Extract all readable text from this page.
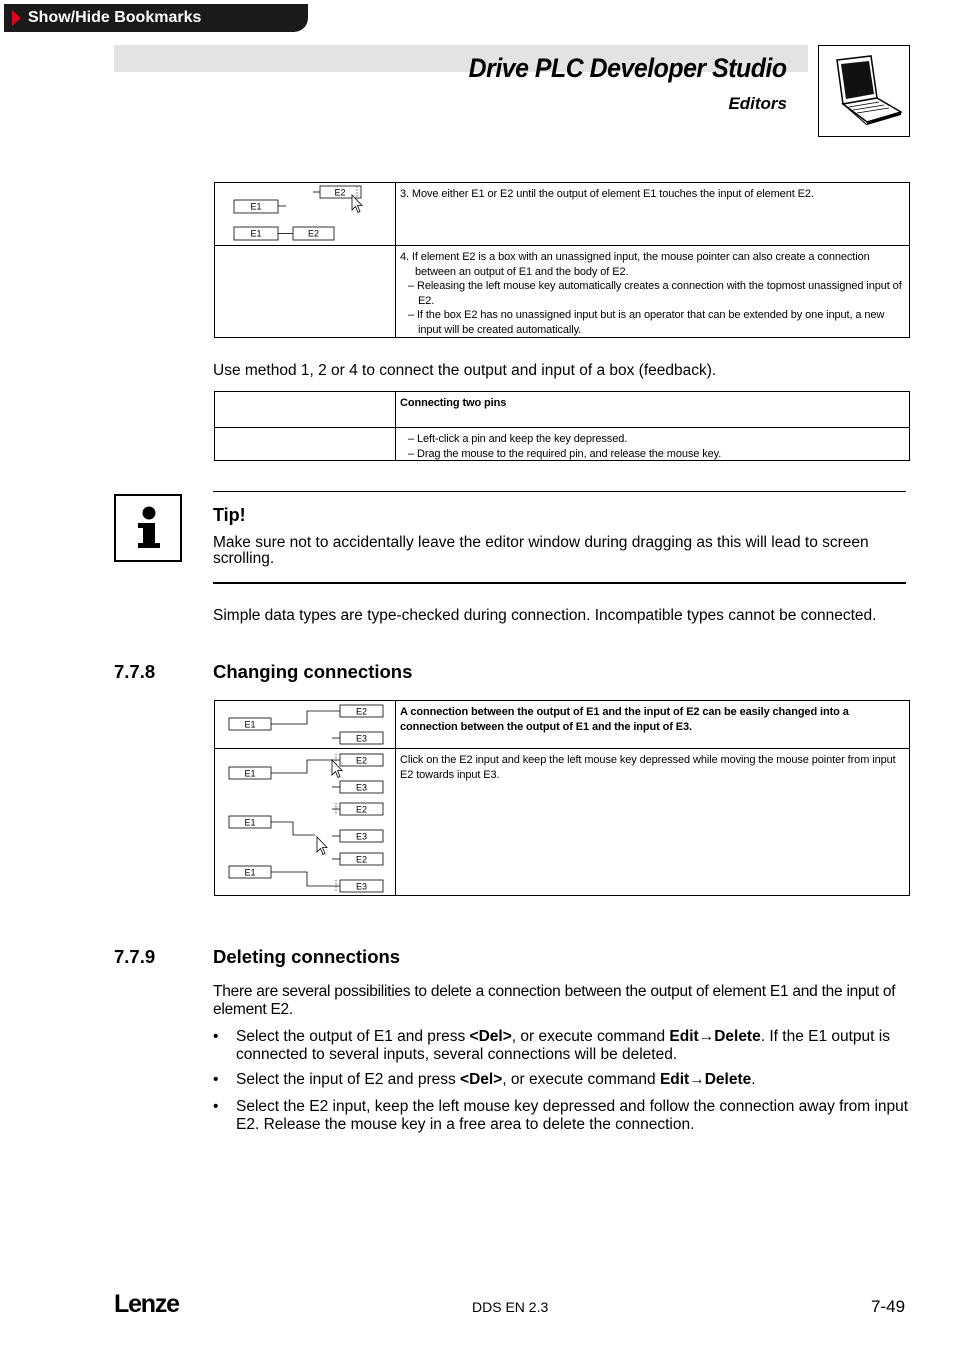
Show/Hide Bookmarks
Drive PLC Developer Studio
Editors
E2
E1
E1	E2
3. Move either E1 or E2 until the output of element E1 touches the input of element E2.
4. If element E2 is a box with an unassigned input, the mouse pointer can also create a connection between an output of E1 and the body of E2.
– Releasing the left mouse key automatically creates a connection with the topmost unassigned input of E2.
– If the box E2 has no unassigned input but is an operator that can be extended by one input, a new input will be created automatically.
Use method 1, 2 or 4 to connect the output and input of a box (feedback).
Connecting two pins
– Left-click a pin and keep the key depressed.
– Drag the mouse to the required pin, and release the mouse key.
Tip!
Make sure not to accidentally leave the editor window during dragging as this will lead to screen scrolling.
Simple data types are type-checked during connection. Incompatible types cannot be connected.
7.7.8	Changing connections
E2
E1
E3
A connection between the output of E1 and the input of E2 can be easily changed into a connection between the output of E1 and the input of E3.
E2
E1
E3
E2
E1
E3
E2
E1
E3
Click on the E2 input and keep the left mouse key depressed while moving the mouse pointer from input E2 towards input E3.
7.7.9	Deleting connections
There are several possibilities to delete a connection between the output of element E1 and the input of element E2.
• Select the output of E1 and press <Del>, or execute command Edit→Delete. If the E1 output is connected to several inputs, several connections will be deleted.
• Select the input of E2 and press <Del>, or execute command Edit→Delete.
• Select the E2 input, keep the left mouse key depressed and follow the connection away from input E2. Release the mouse key in a free area to delete the connection.
Lenze	DDS EN 2.3	7-49
